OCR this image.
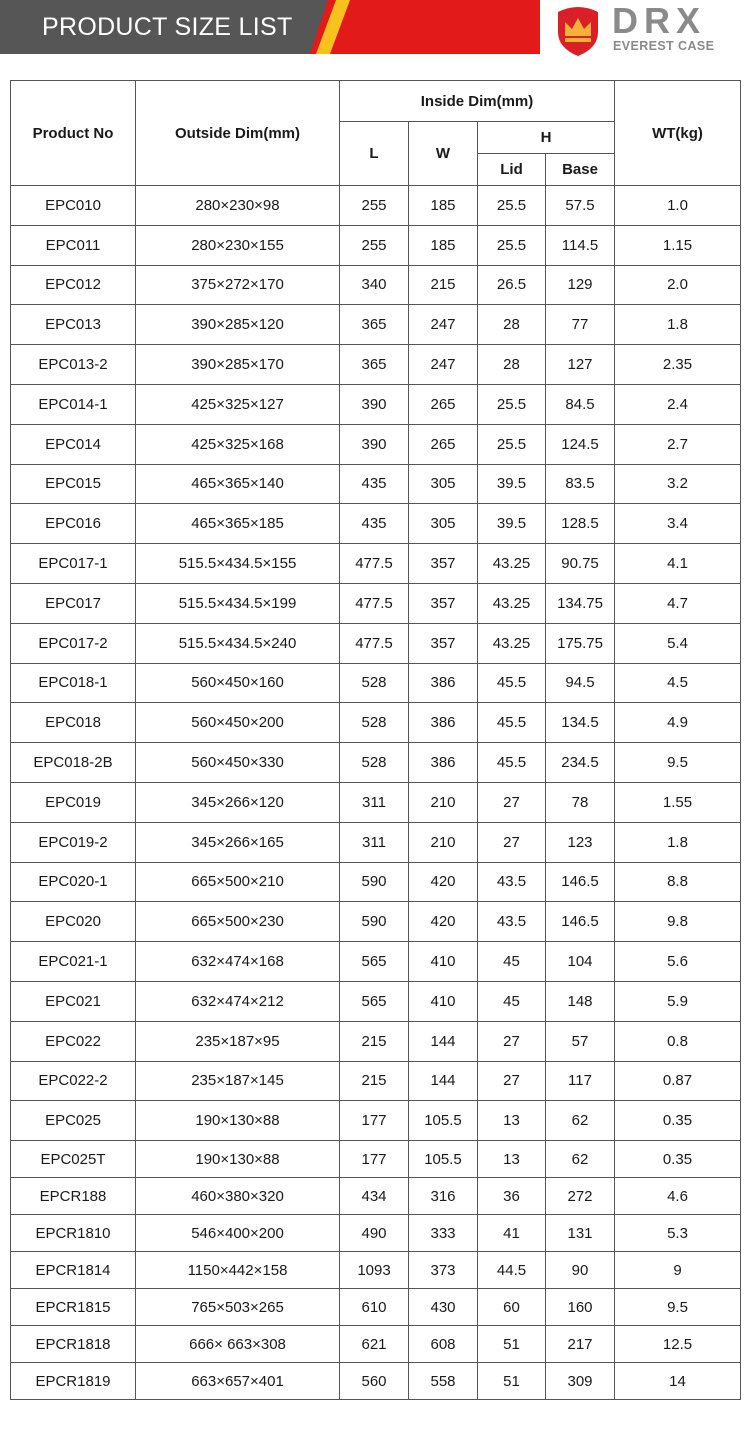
PRODUCT SIZE LIST	DRX
EVEREST CASE
Product No	Outside Dim(mm)	Inside Dim(mm)				WT(kg)
		L	W	H		
				Lid	Base	
EPC010	280×230×98	255	185	25.5	57.5	1.0
EPC011	280×230×155	255	185	25.5	114.5	1.15
EPC012	375×272×170	340	215	26.5	129	2.0
EPC013	390×285×120	365	247	28	77	1.8
EPC013-2	390×285×170	365	247	28	127	2.35
EPC014-1	425×325×127	390	265	25.5	84.5	2.4
EPC014	425×325×168	390	265	25.5	124.5	2.7
EPC015	465×365×140	435	305	39.5	83.5	3.2
EPC016	465×365×185	435	305	39.5	128.5	3.4
EPC017-1	515.5×434.5×155	477.5	357	43.25	90.75	4.1
EPC017	515.5×434.5×199	477.5	357	43.25	134.75	4.7
EPC017-2	515.5×434.5×240	477.5	357	43.25	175.75	5.4
EPC018-1	560×450×160	528	386	45.5	94.5	4.5
EPC018	560×450×200	528	386	45.5	134.5	4.9
EPC018-2B	560×450×330	528	386	45.5	234.5	9.5
EPC019	345×266×120	311	210	27	78	1.55
EPC019-2	345×266×165	311	210	27	123	1.8
EPC020-1	665×500×210	590	420	43.5	146.5	8.8
EPC020	665×500×230	590	420	43.5	146.5	9.8
EPC021-1	632×474×168	565	410	45	104	5.6
EPC021	632×474×212	565	410	45	148	5.9
EPC022	235×187×95	215	144	27	57	0.8
EPC022-2	235×187×145	215	144	27	117	0.87
EPC025	190×130×88	177	105.5	13	62	0.35
EPC025T	190×130×88	177	105.5	13	62	0.35
EPCR188	460×380×320	434	316	36	272	4.6
EPCR1810	546×400×200	490	333	41	131	5.3
EPCR1814	1150×442×158	1093	373	44.5	90	9
EPCR1815	765×503×265	610	430	60	160	9.5
EPCR1818	666× 663×308	621	608	51	217	12.5
EPCR1819	663×657×401	560	558	51	309	14
